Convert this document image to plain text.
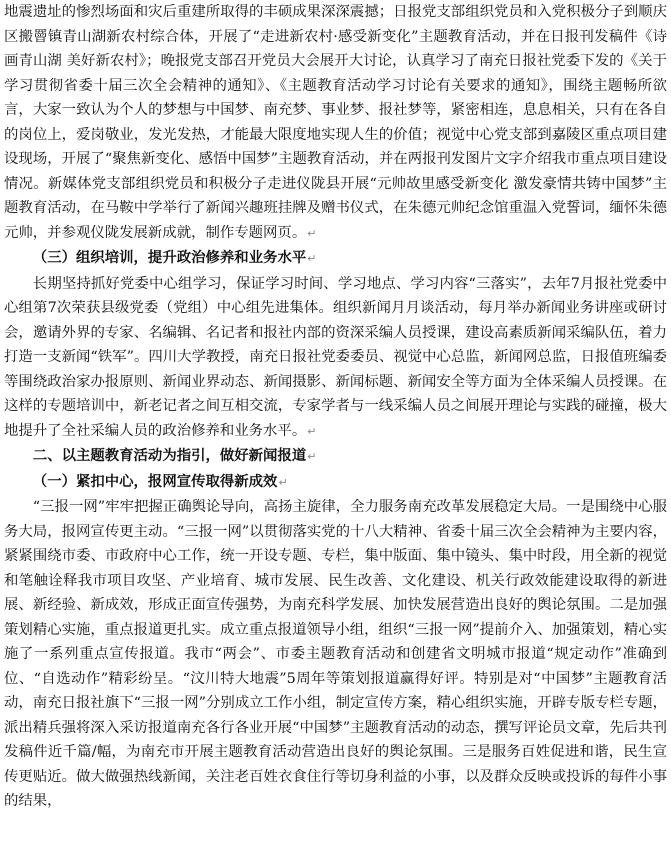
地震遗址的惨烈场面和灾后重建所取得的丰硕成果深深震撼；日报党支部组织党员和入党积极分子到顺庆区搬罾镇青山湖新农村综合体，开展了“走进新农村·感受新变化”主题教育活动，并在日报刊发稿件《诗画青山湖 美好新农村》；晚报党支部召开党员大会展开大讨论，认真学习了南充日报社党委下发的《关于学习贯彻省委十届三次全会精神的通知》、《主题教育活动学习讨论有关要求的通知》，围绕主题畅所欲言，大家一致认为个人的梦想与中国梦、南充梦、事业梦、报社梦等，紧密相连，息息相关，只有在各自的岗位上，爱岗敬业，发光发热，才能最大限度地实现人生的价值；视觉中心党支部到嘉陵区重点项目建设现场，开展了“聚焦新变化、感悟中国梦”主题教育活动，并在两报刊发图片文字介绍我市重点项目建设情况。新媒体党支部组织党员和积极分子走进仪陇县开展“元帅故里感受新变化 激发豪情共铸中国梦”主题教育活动，在马鞍中学举行了新闻兴趣班挂牌及赠书仪式，在朱德元帅纪念馆重温入党誓词，缅怀朱德元帅，并参观仪陇发展新成就，制作专题网页。↵

（三）组织培训，提升政治修养和业务水平↵

长期坚持抓好党委中心组学习，保证学习时间、学习地点、学习内容“三落实”，去年7月报社党委中心组第7次荣获县级党委（党组）中心组先进集体。组织新闻月月谈活动，每月举办新闻业务讲座或研讨会，邀请外界的专家、名编辑、名记者和报社内部的资深采编人员授课，建设高素质新闻采编队伍，着力打造一支新闻“铁军”。四川大学教授，南充日报社党委委员、视觉中心总监，新闻网总监，日报值班编委等围绕政治家办报原则、新闻业界动态、新闻摄影、新闻标题、新闻安全等方面为全体采编人员授课。在这样的专题培训中，新老记者之间互相交流，专家学者与一线采编人员之间展开理论与实践的碰撞，极大地提升了全社采编人员的政治修养和业务水平。↵

二、以主题教育活动为指引，做好新闻报道↵

（一）紧扣中心，报网宣传取得新成效↵

“三报一网”牢牢把握正确舆论导向，高扬主旋律，全力服务南充改革发展稳定大局。一是围绕中心服务大局，报网宣传更主动。“三报一网”以贯彻落实党的十八大精神、省委十届三次全会精神为主要内容，紧紧围绕市委、市政府中心工作，统一开设专题、专栏，集中版面、集中镜头、集中时段，用全新的视觉和笔触诠释我市项目攻坚、产业培育、城市发展、民生改善、文化建设、机关行政效能建设取得的新进展、新经验、新成效，形成正面宣传强势，为南充科学发展、加快发展营造出良好的舆论氛围。二是加强策划精心实施，重点报道更扎实。成立重点报道领导小组，组织“三报一网”提前介入、加强策划，精心实施了一系列重点宣传报道。我市“两会”、市委主题教育活动和创建省文明城市报道“规定动作”准确到位、“自选动作”精彩纷呈。“汶川特大地震”5周年等策划报道赢得好评。特别是对“中国梦”主题教育活动，南充日报社旗下“三报一网”分别成立工作小组，制定宣传方案，精心组织实施，开辟专版专栏专题，派出精兵强将深入采访报道南充各行各业开展“中国梦”主题教育活动的动态，撰写评论员文章，先后共刊发稿件近千篇/幅，为南充市开展主题教育活动营造出良好的舆论氛围。三是服务百姓促进和谐，民生宣传更贴近。做大做强热线新闻，关注老百姓衣食住行等切身利益的小事，以及群众反映或投诉的每件小事的结果，
